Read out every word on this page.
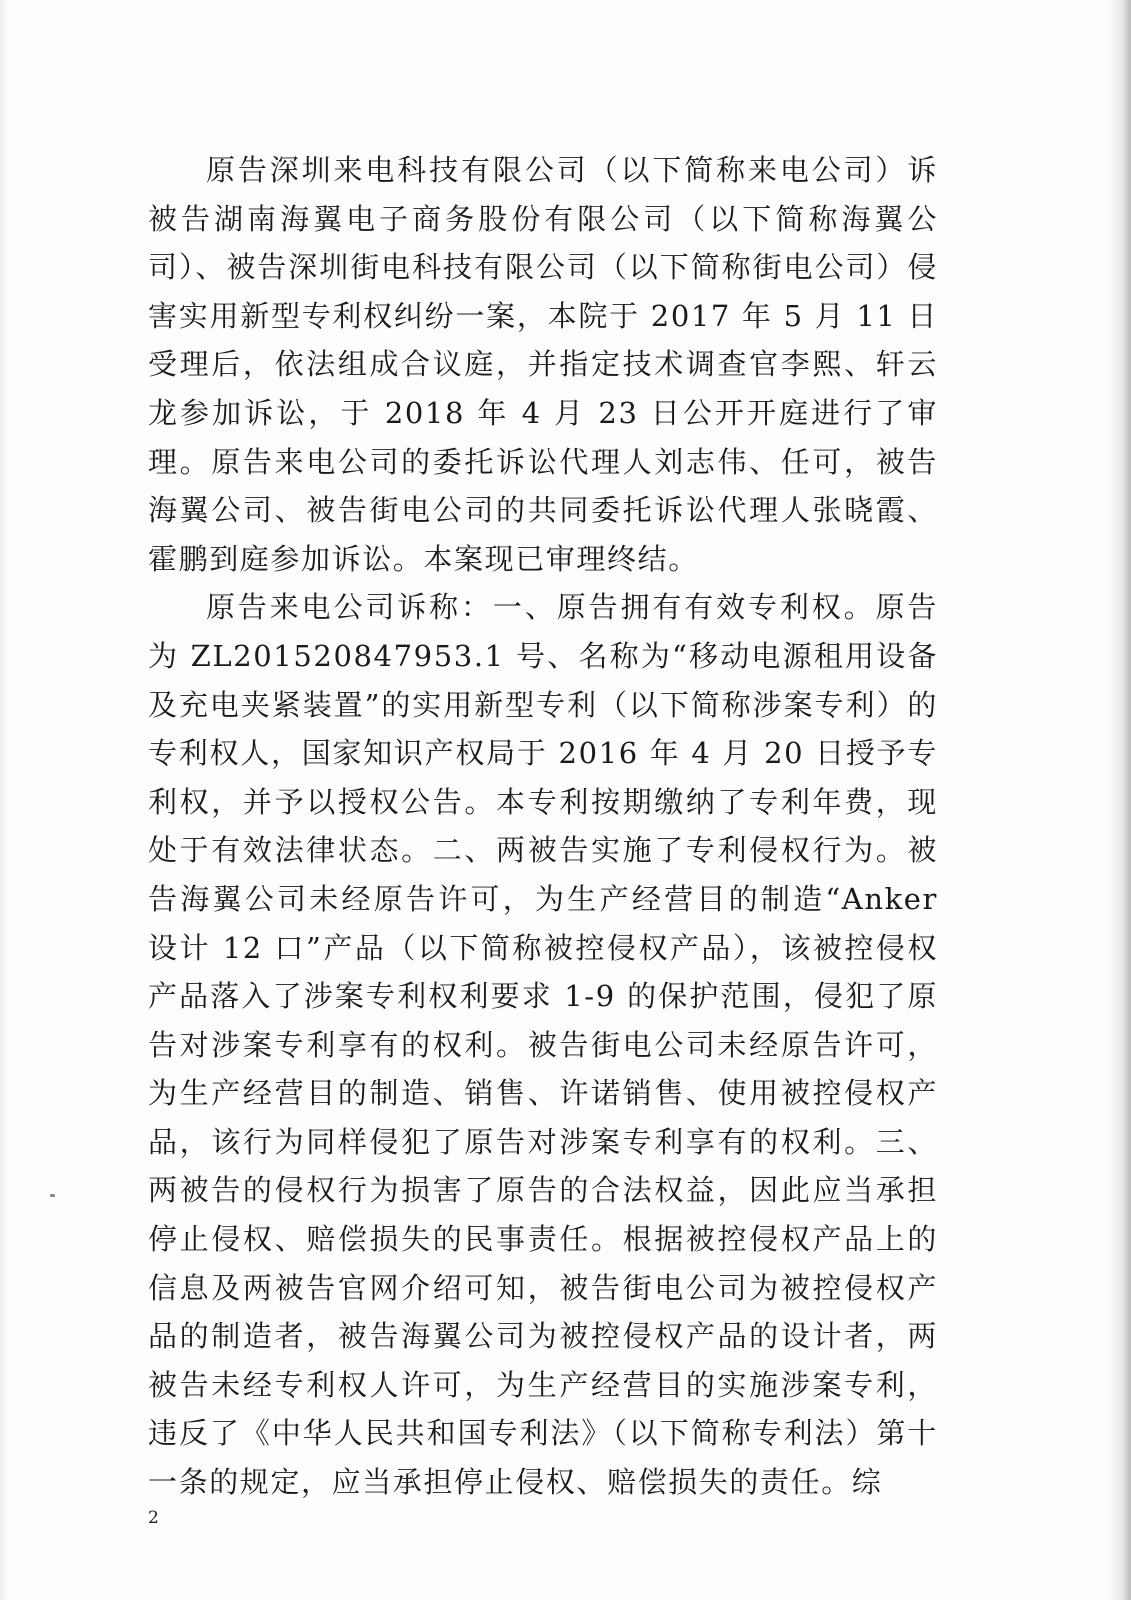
原告深圳来电科技有限公司（以下简称来电公司）诉被告湖南海翼电子商务股份有限公司（以下简称海翼公司）、被告深圳街电科技有限公司（以下简称街电公司）侵害实用新型专利权纠纷一案，本院于 2017 年 5 月 11 日受理后，依法组成合议庭，并指定技术调查官李熙、轩云龙参加诉讼，于 2018 年 4 月 23 日公开开庭进行了审理。原告来电公司的委托诉讼代理人刘志伟、任可，被告海翼公司、被告街电公司的共同委托诉讼代理人张晓霞、霍鹏到庭参加诉讼。本案现已审理终结。

原告来电公司诉称：一、原告拥有有效专利权。原告为 ZL201520847953.1 号、名称为“移动电源租用设备及充电夹紧装置”的实用新型专利（以下简称涉案专利）的专利权人，国家知识产权局于 2016 年 4 月 20 日授予专利权，并予以授权公告。本专利按期缴纳了专利年费，现处于有效法律状态。二、两被告实施了专利侵权行为。被告海翼公司未经原告许可，为生产经营目的制造“Anker 设计 12 口”产品（以下简称被控侵权产品），该被控侵权产品落入了涉案专利权利要求 1-9 的保护范围，侵犯了原告对涉案专利享有的权利。被告街电公司未经原告许可，为生产经营目的制造、销售、许诺销售、使用被控侵权产品，该行为同样侵犯了原告对涉案专利享有的权利。三、两被告的侵权行为损害了原告的合法权益，因此应当承担停止侵权、赔偿损失的民事责任。根据被控侵权产品上的信息及两被告官网介绍可知，被告街电公司为被控侵权产品的制造者，被告海翼公司为被控侵权产品的设计者，两被告未经专利权人许可，为生产经营目的实施涉案专利，违反了《中华人民共和国专利法》（以下简称专利法）第十一条的规定，应当承担停止侵权、赔偿损失的责任。综

2
